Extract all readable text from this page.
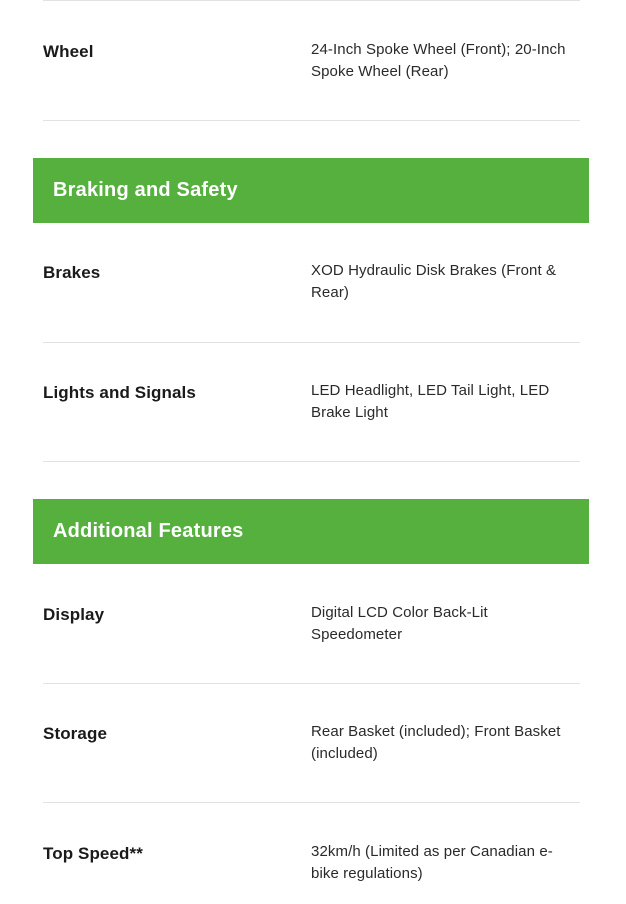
Wheel	24-Inch Spoke Wheel (Front); 20-Inch Spoke Wheel (Rear)
Braking and Safety
Brakes	XOD Hydraulic Disk Brakes (Front & Rear)
Lights and Signals	LED Headlight, LED Tail Light, LED Brake Light
Additional Features
Display	Digital LCD Color Back-Lit Speedometer
Storage	Rear Basket (included); Front Basket (included)
Top Speed**	32km/h (Limited as per Canadian e-bike regulations)
